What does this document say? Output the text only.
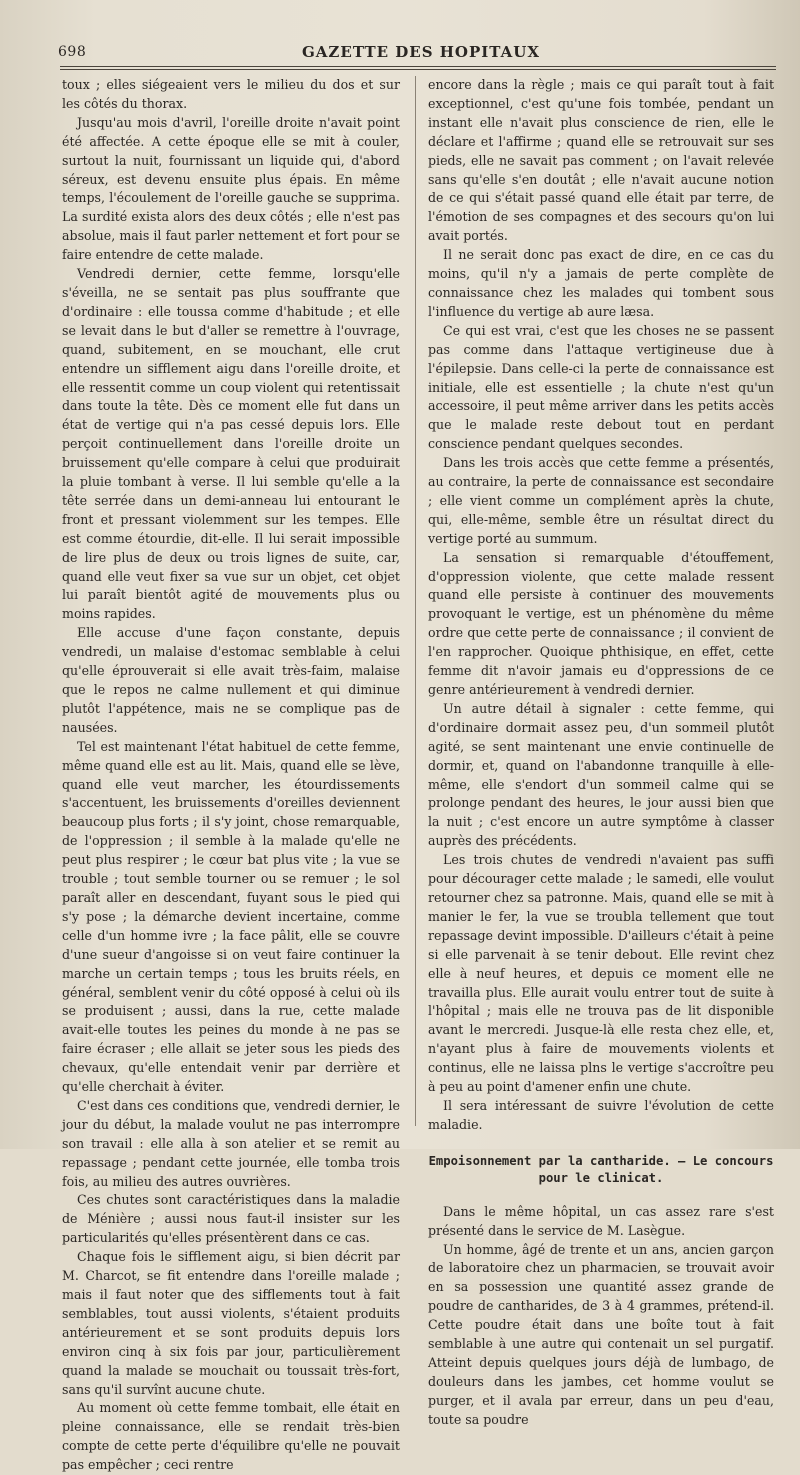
698	GAZETTE DES HOPITAUX

toux ; elles siégeaient vers le milieu du dos et sur les côtés du thorax.

Jusqu'au mois d'avril, l'oreille droite n'avait point été affectée. A cette époque elle se mit à couler, surtout la nuit, fournissant un liquide qui, d'abord séreux, est devenu ensuite plus épais. En même temps, l'écoulement de l'oreille gauche se supprima. La surdité exista alors des deux côtés ; elle n'est pas absolue, mais il faut parler nettement et fort pour se faire entendre de cette malade.

Vendredi dernier, cette femme, lorsqu'elle s'éveilla, ne se sentait pas plus souffrante que d'ordinaire : elle toussa comme d'habitude ; et elle se levait dans le but d'aller se remettre à l'ouvrage, quand, subitement, en se mouchant, elle crut entendre un sifflement aigu dans l'oreille droite, et elle ressentit comme un coup violent qui retentissait dans toute la tête. Dès ce moment elle fut dans un état de vertige qui n'a pas cessé depuis lors. Elle perçoit continuellement dans l'oreille droite un bruissement qu'elle compare à celui que produirait la pluie tombant à verse. Il lui semble qu'elle a la tête serrée dans un demi-anneau lui entourant le front et pressant violemment sur les tempes. Elle est comme étourdie, dit-elle. Il lui serait impossible de lire plus de deux ou trois lignes de suite, car, quand elle veut fixer sa vue sur un objet, cet objet lui paraît bientôt agité de mouvements plus ou moins rapides.

Elle accuse d'une façon constante, depuis vendredi, un malaise d'estomac semblable à celui qu'elle éprouverait si elle avait très-faim, malaise que le repos ne calme nullement et qui diminue plutôt l'appétence, mais ne se complique pas de nausées.

Tel est maintenant l'état habituel de cette femme, même quand elle est au lit. Mais, quand elle se lève, quand elle veut marcher, les étourdissements s'accentuent, les bruissements d'oreilles deviennent beaucoup plus forts ; il s'y joint, chose remarquable, de l'oppression ; il semble à la malade qu'elle ne peut plus respirer ; le cœur bat plus vite ; la vue se trouble ; tout semble tourner ou se remuer ; le sol paraît aller en descendant, fuyant sous le pied qui s'y pose ; la démarche devient incertaine, comme celle d'un homme ivre ; la face pâlit, elle se couvre d'une sueur d'angoisse si on veut faire continuer la marche un certain temps ; tous les bruits réels, en général, semblent venir du côté opposé à celui où ils se produisent ; aussi, dans la rue, cette malade avait-elle toutes les peines du monde à ne pas se faire écraser ; elle allait se jeter sous les pieds des chevaux, qu'elle entendait venir par derrière et qu'elle cherchait à éviter.

C'est dans ces conditions que, vendredi dernier, le jour du début, la malade voulut ne pas interrompre son travail : elle alla à son atelier et se remit au repassage ; pendant cette journée, elle tomba trois fois, au milieu des autres ouvrières.

Ces chutes sont caractéristiques dans la maladie de Ménière ; aussi nous faut-il insister sur les particularités qu'elles présentèrent dans ce cas.

Chaque fois le sifflement aigu, si bien décrit par M. Charcot, se fit entendre dans l'oreille malade ; mais il faut noter que des sifflements tout à fait semblables, tout aussi violents, s'étaient produits antérieurement et se sont produits depuis lors environ cinq à six fois par jour, particulièrement quand la malade se mouchait ou toussait très-fort, sans qu'il survînt aucune chute.

Au moment où cette femme tombait, elle était en pleine connaissance, elle se rendait très-bien compte de cette perte d'équilibre qu'elle ne pouvait pas empêcher ; ceci rentre

encore dans la règle ; mais ce qui paraît tout à fait exceptionnel, c'est qu'une fois tombée, pendant un instant elle n'avait plus conscience de rien, elle le déclare et l'affirme ; quand elle se retrouvait sur ses pieds, elle ne savait pas comment ; on l'avait relevée sans qu'elle s'en doutât ; elle n'avait aucune notion de ce qui s'était passé quand elle était par terre, de l'émotion de ses compagnes et des secours qu'on lui avait portés.

Il ne serait donc pas exact de dire, en ce cas du moins, qu'il n'y a jamais de perte complète de connaissance chez les malades qui tombent sous l'influence du vertige ab aure læsa.

Ce qui est vrai, c'est que les choses ne se passent pas comme dans l'attaque vertigineuse due à l'épilepsie. Dans celle-ci la perte de connaissance est initiale, elle est essentielle ; la chute n'est qu'un accessoire, il peut même arriver dans les petits accès que le malade reste debout tout en perdant conscience pendant quelques secondes.

Dans les trois accès que cette femme a présentés, au contraire, la perte de connaissance est secondaire ; elle vient comme un complément après la chute, qui, elle-même, semble être un résultat direct du vertige porté au summum.

La sensation si remarquable d'étouffement, d'oppression violente, que cette malade ressent quand elle persiste à continuer des mouvements provoquant le vertige, est un phénomène du même ordre que cette perte de connaissance ; il convient de l'en rapprocher. Quoique phthisique, en effet, cette femme dit n'avoir jamais eu d'oppressions de ce genre antérieurement à vendredi dernier.

Un autre détail à signaler : cette femme, qui d'ordinaire dormait assez peu, d'un sommeil plutôt agité, se sent maintenant une envie continuelle de dormir, et, quand on l'abandonne tranquille à elle-même, elle s'endort d'un sommeil calme qui se prolonge pendant des heures, le jour aussi bien que la nuit ; c'est encore un autre symptôme à classer auprès des précédents.

Les trois chutes de vendredi n'avaient pas suffi pour décourager cette malade ; le samedi, elle voulut retourner chez sa patronne. Mais, quand elle se mit à manier le fer, la vue se troubla tellement que tout repassage devint impossible. D'ailleurs c'était à peine si elle parvenait à se tenir debout. Elle revint chez elle à neuf heures, et depuis ce moment elle ne travailla plus. Elle aurait voulu entrer tout de suite à l'hôpital ; mais elle ne trouva pas de lit disponible avant le mercredi. Jusque-là elle resta chez elle, et, n'ayant plus à faire de mouvements violents et continus, elle ne laissa plns le vertige s'accroître peu à peu au point d'amener enfin une chute.

Il sera intéressant de suivre l'évolution de cette maladie.

Empoisonnement par la cantharide. — Le concours pour le clinicat.

Dans le même hôpital, un cas assez rare s'est présenté dans le service de M. Lasègue.

Un homme, âgé de trente et un ans, ancien garçon de laboratoire chez un pharmacien, se trouvait avoir en sa possession une quantité assez grande de poudre de cantharides, de 3 à 4 grammes, prétend-il. Cette poudre était dans une boîte tout à fait semblable à une autre qui contenait un sel purgatif. Atteint depuis quelques jours déjà de lumbago, de douleurs dans les jambes, cet homme voulut se purger, et il avala par erreur, dans un peu d'eau, toute sa poudre
